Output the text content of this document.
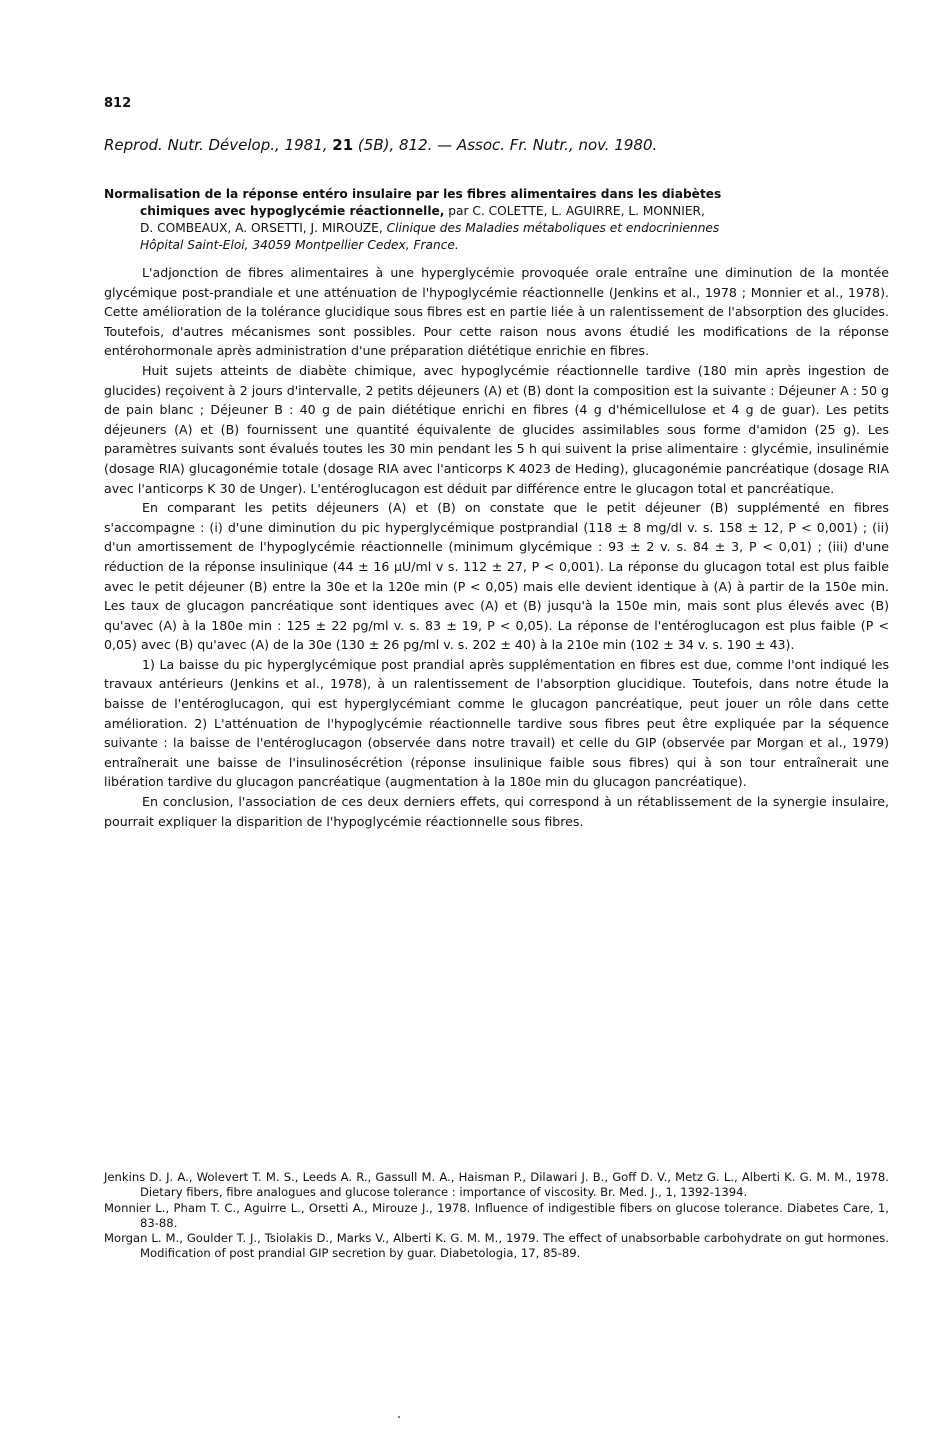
812
Reprod. Nutr. Dévelop., 1981, 21 (5B), 812. — Assoc. Fr. Nutr., nov. 1980.
Normalisation de la réponse entéro insulaire par les fibres alimentaires dans les diabètes
chimiques avec hypoglycémie réactionnelle, par C. COLETTE, L. AGUIRRE, L. MONNIER,
D. COMBEAUX, A. ORSETTI, J. MIROUZE, Clinique des Maladies métaboliques et endocriniennes
Hôpital Saint-Eloi, 34059 Montpellier Cedex, France.

L'adjonction de fibres alimentaires à une hyperglycémie provoquée orale entraîne une diminution de la montée glycémique post-prandiale et une atténuation de l'hypoglycémie réactionnelle (Jenkins et al., 1978 ; Monnier et al., 1978). Cette amélioration de la tolérance glucidique sous fibres est en partie liée à un ralentissement de l'absorption des glucides. Toutefois, d'autres mécanismes sont possibles. Pour cette raison nous avons étudié les modifications de la réponse entérohormonale après administration d'une préparation diététique enrichie en fibres.

Huit sujets atteints de diabète chimique, avec hypoglycémie réactionnelle tardive (180 min après ingestion de glucides) reçoivent à 2 jours d'intervalle, 2 petits déjeuners (A) et (B) dont la composition est la suivante : Déjeuner A : 50 g de pain blanc ; Déjeuner B : 40 g de pain diététique enrichi en fibres (4 g d'hémicellulose et 4 g de guar). Les petits déjeuners (A) et (B) fournissent une quantité équivalente de glucides assimilables sous forme d'amidon (25 g). Les paramètres suivants sont évalués toutes les 30 min pendant les 5 h qui suivent la prise alimentaire : glycémie, insulinémie (dosage RIA) glucagonémie totale (dosage RIA avec l'anticorps K 4023 de Heding), glucagonémie pancréatique (dosage RIA avec l'anticorps K 30 de Unger). L'entéroglucagon est déduit par différence entre le glucagon total et pancréatique.

En comparant les petits déjeuners (A) et (B) on constate que le petit déjeuner (B) supplémenté en fibres s'accompagne : (i) d'une diminution du pic hyperglycémique postprandial (118 ± 8 mg/dl v. s. 158 ± 12, P < 0,001) ; (ii) d'un amortissement de l'hypoglycémie réactionnelle (minimum glycémique : 93 ± 2 v. s. 84 ± 3, P < 0,01) ; (iii) d'une réduction de la réponse insulinique (44 ± 16 µU/ml v s. 112 ± 27, P < 0,001). La réponse du glucagon total est plus faible avec le petit déjeuner (B) entre la 30e et la 120e min (P < 0,05) mais elle devient identique à (A) à partir de la 150e min. Les taux de glucagon pancréatique sont identiques avec (A) et (B) jusqu'à la 150e min, mais sont plus élevés avec (B) qu'avec (A) à la 180e min : 125 ± 22 pg/ml v. s. 83 ± 19, P < 0,05). La réponse de l'entéroglucagon est plus faible (P < 0,05) avec (B) qu'avec (A) de la 30e (130 ± 26 pg/ml v. s. 202 ± 40) à la 210e min (102 ± 34 v. s. 190 ± 43).

1) La baisse du pic hyperglycémique post prandial après supplémentation en fibres est due, comme l'ont indiqué les travaux antérieurs (Jenkins et al., 1978), à un ralentissement de l'absorption glucidique. Toutefois, dans notre étude la baisse de l'entéroglucagon, qui est hyperglycémiant comme le glucagon pancréatique, peut jouer un rôle dans cette amélioration. 2) L'atténuation de l'hypoglycémie réactionnelle tardive sous fibres peut être expliquée par la séquence suivante : la baisse de l'entéroglucagon (observée dans notre travail) et celle du GIP (observée par Morgan et al., 1979) entraînerait une baisse de l'insulinosécrétion (réponse insulinique faible sous fibres) qui à son tour entraînerait une libération tardive du glucagon pancréatique (augmentation à la 180e min du glucagon pancréatique).

En conclusion, l'association de ces deux derniers effets, qui correspond à un rétablissement de la synergie insulaire, pourrait expliquer la disparition de l'hypoglycémie réactionnelle sous fibres.

Jenkins D. J. A., Wolevert T. M. S., Leeds A. R., Gassull M. A., Haisman P., Dilawari J. B., Goff D. V., Metz G. L., Alberti K. G. M. M., 1978. Dietary fibers, fibre analogues and glucose tolerance : importance of viscosity. Br. Med. J., 1, 1392-1394.
Monnier L., Pham T. C., Aguirre L., Orsetti A., Mirouze J., 1978. Influence of indigestible fibers on glucose tolerance. Diabetes Care, 1, 83-88.
Morgan L. M., Goulder T. J., Tsiolakis D., Marks V., Alberti K. G. M. M., 1979. The effect of unabsorbable carbohydrate on gut hormones. Modification of post prandial GIP secretion by guar. Diabetologia, 17, 85-89.
